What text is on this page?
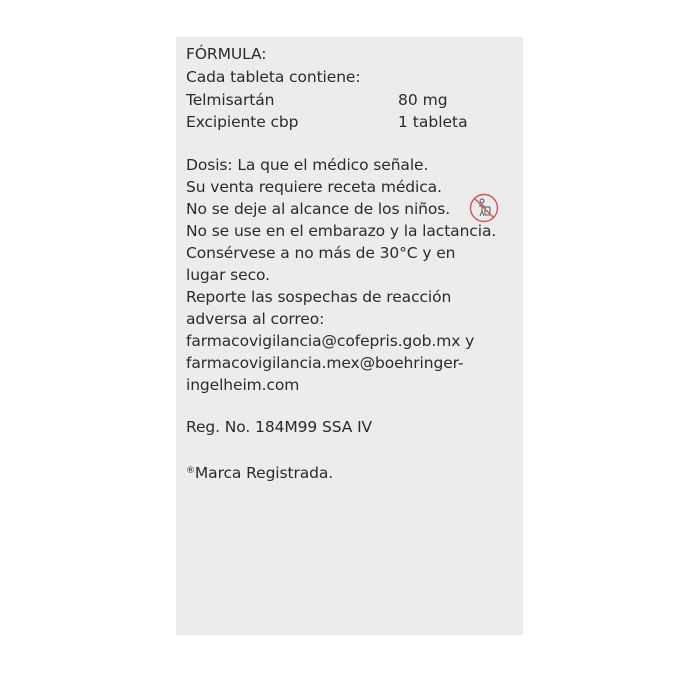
FÓRMULA:
Cada tableta contiene:
Telmisartán	80 mg
Excipiente cbp	1 tableta
Dosis: La que el médico señale.
Su venta requiere receta médica.
No se deje al alcance de los niños.
No se use en el embarazo y la lactancia.
Consérvese a no más de 30°C y en
lugar seco.
Reporte las sospechas de reacción
adversa al correo:
farmacovigilancia@cofepris.gob.mx y
farmacovigilancia.mex@boehringer-
ingelheim.com
Reg. No. 184M99 SSA IV
®Marca Registrada.
